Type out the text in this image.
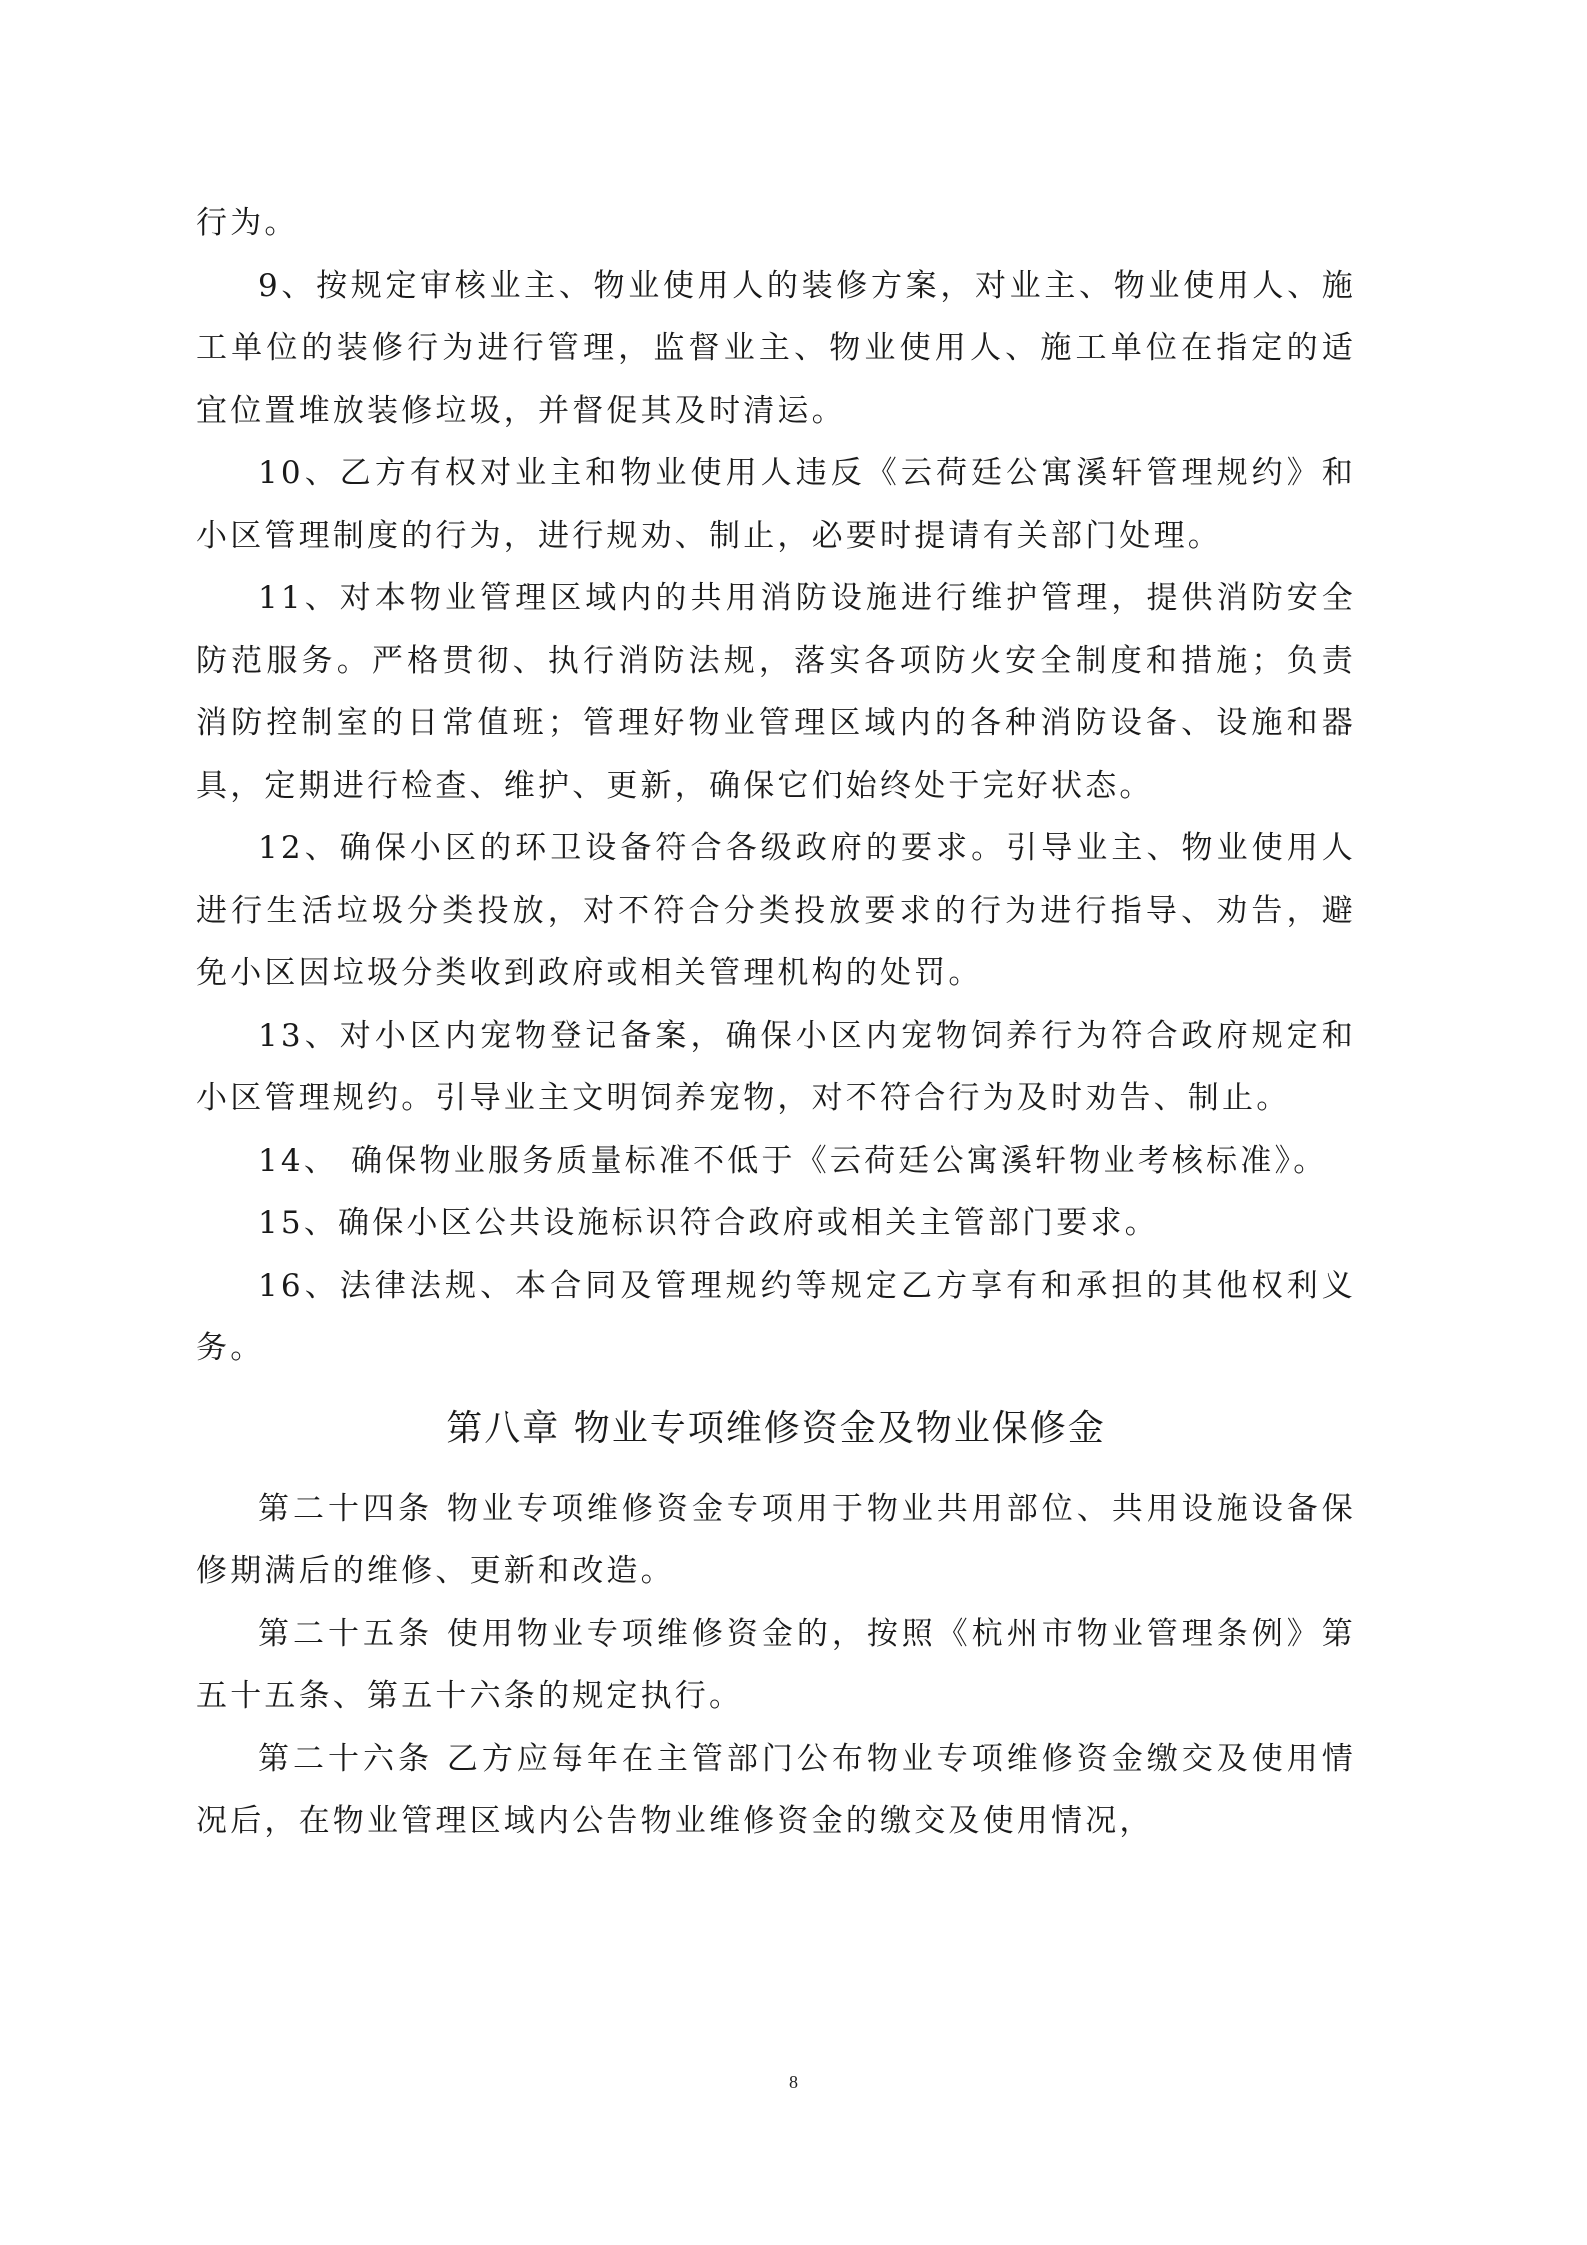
行为。

9、按规定审核业主、物业使用人的装修方案，对业主、物业使用人、施工单位的装修行为进行管理，监督业主、物业使用人、施工单位在指定的适宜位置堆放装修垃圾，并督促其及时清运。

10、乙方有权对业主和物业使用人违反《云荷廷公寓溪轩管理规约》和小区管理制度的行为，进行规劝、制止，必要时提请有关部门处理。

11、对本物业管理区域内的共用消防设施进行维护管理，提供消防安全防范服务。严格贯彻、执行消防法规，落实各项防火安全制度和措施；负责消防控制室的日常值班；管理好物业管理区域内的各种消防设备、设施和器具，定期进行检查、维护、更新，确保它们始终处于完好状态。

12、确保小区的环卫设备符合各级政府的要求。引导业主、物业使用人进行生活垃圾分类投放，对不符合分类投放要求的行为进行指导、劝告，避免小区因垃圾分类收到政府或相关管理机构的处罚。

13、对小区内宠物登记备案，确保小区内宠物饲养行为符合政府规定和小区管理规约。引导业主文明饲养宠物，对不符合行为及时劝告、制止。

14、 确保物业服务质量标准不低于《云荷廷公寓溪轩物业考核标准》。

15、确保小区公共设施标识符合政府或相关主管部门要求。

16、法律法规、本合同及管理规约等规定乙方享有和承担的其他权利义务。

第八章 物业专项维修资金及物业保修金

第二十四条 物业专项维修资金专项用于物业共用部位、共用设施设备保修期满后的维修、更新和改造。

第二十五条 使用物业专项维修资金的，按照《杭州市物业管理条例》第五十五条、第五十六条的规定执行。

第二十六条 乙方应每年在主管部门公布物业专项维修资金缴交及使用情况后，在物业管理区域内公告物业维修资金的缴交及使用情况，

8
